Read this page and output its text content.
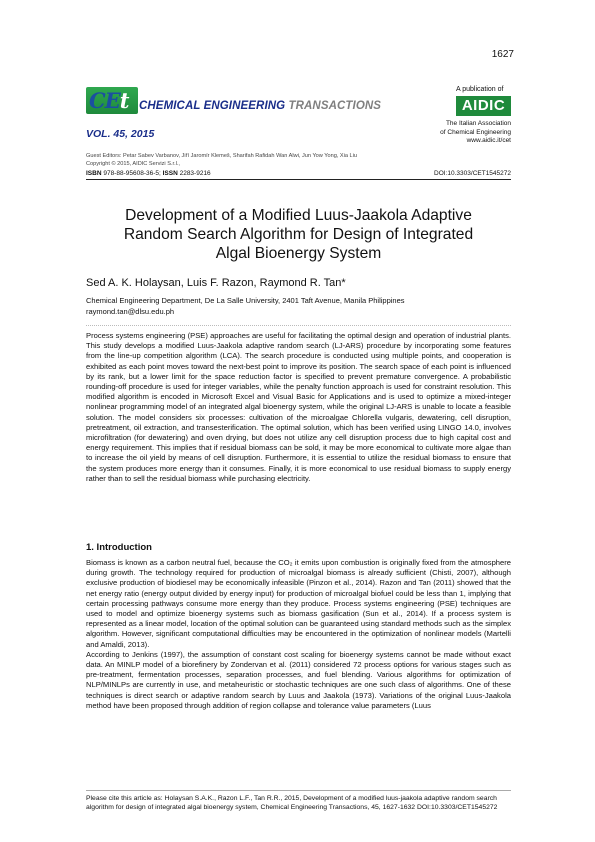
1627
CEt CHEMICAL ENGINEERING TRANSACTIONS
VOL. 45, 2015
A publication of
AIDIC
The Italian Association
of Chemical Engineering
www.aidic.it/cet
Guest Editors: Petar Sabev Varbanov, Jiří Jaromír Klemeš, Sharifah Rafidah Wan Alwi, Jun Yow Yong, Xia Liu
Copyright © 2015, AIDIC Servizi S.r.l.,
ISBN 978-88-95608-36-5; ISSN 2283-9216	DOI:10.3303/CET1545272
Development of a Modified Luus-Jaakola Adaptive
Random Search Algorithm for Design of Integrated
Algal Bioenergy System
Sed A. K. Holaysan, Luis F. Razon, Raymond R. Tan*
Chemical Engineering Department, De La Salle University, 2401 Taft Avenue, Manila Philippines
raymond.tan@dlsu.edu.ph

Process systems engineering (PSE) approaches are useful for facilitating the optimal design and operation of industrial plants. This study develops a modified Luus-Jaakola adaptive random search (LJ-ARS) procedure by incorporating some features from the line-up competition algorithm (LCA). The search procedure is conducted using multiple points, and cooperation is exhibited as each point moves toward the next-best point to improve its position. The search space of each point is influenced by its rank, but a lower limit for the space reduction factor is specified to prevent premature convergence. A probabilistic rounding-off procedure is used for integer variables, while the penalty function approach is used for constraint resolution. This modified algorithm is encoded in Microsoft Excel and Visual Basic for Applications and is used to optimize a mixed-integer nonlinear programming model of an integrated algal bioenergy system, while the original LJ-ARS is unable to locate a feasible solution. The model considers six processes: cultivation of the microalgae Chlorella vulgaris, dewatering, cell disruption, pretreatment, oil extraction, and transesterification. The optimal solution, which has been verified using LINGO 14.0, involves microfiltration (for dewatering) and oven drying, but does not utilize any cell disruption process due to high capital cost and energy requirement. This implies that if residual biomass can be sold, it may be more economical to cultivate more algae than to increase the oil yield by means of cell disruption. Furthermore, it is essential to utilize the residual biomass to ensure that the system produces more energy than it consumes. Finally, it is more economical to use residual biomass to supply energy rather than to sell the residual biomass while purchasing electricity.

1. Introduction

Biomass is known as a carbon neutral fuel, because the CO₂ it emits upon combustion is originally fixed from the atmosphere during growth. The technology required for production of microalgal biomass is already sufficient (Chisti, 2007), although exclusive production of biodiesel may be economically infeasible (Pinzon et al., 2014). Razon and Tan (2011) showed that the net energy ratio (energy output divided by energy input) for production of microalgal biofuel could be less than 1, implying that certain processing pathways consume more energy than they produce. Process systems engineering (PSE) techniques are used to model and optimize bioenergy systems such as biomass gasification (Sun et al., 2014). If a process system is represented as a linear model, location of the optimal solution can be guaranteed using standard methods such as the simplex algorithm. However, significant computational difficulties may be encountered in the optimization of nonlinear models (Martelli and Amaldi, 2013).

According to Jenkins (1997), the assumption of constant cost scaling for bioenergy systems cannot be made without exact data. An MINLP model of a biorefinery by Zondervan et al. (2011) considered 72 process options for various stages such as pre-treatment, fermentation processes, separation processes, and fuel blending. Various algorithms for optimization of NLP/MINLPs are currently in use, and metaheuristic or stochastic techniques are one such class of algorithms. One of these techniques is direct search or adaptive random search by Luus and Jaakola (1973). Variations of the original Luus-Jaakola method have been proposed through addition of region collapse and tolerance value parameters (Luus

Please cite this article as: Holaysan S.A.K., Razon L.F., Tan R.R., 2015, Development of a modified luus-jaakola adaptive random search algorithm for design of integrated algal bioenergy system, Chemical Engineering Transactions, 45, 1627-1632 DOI:10.3303/CET1545272
